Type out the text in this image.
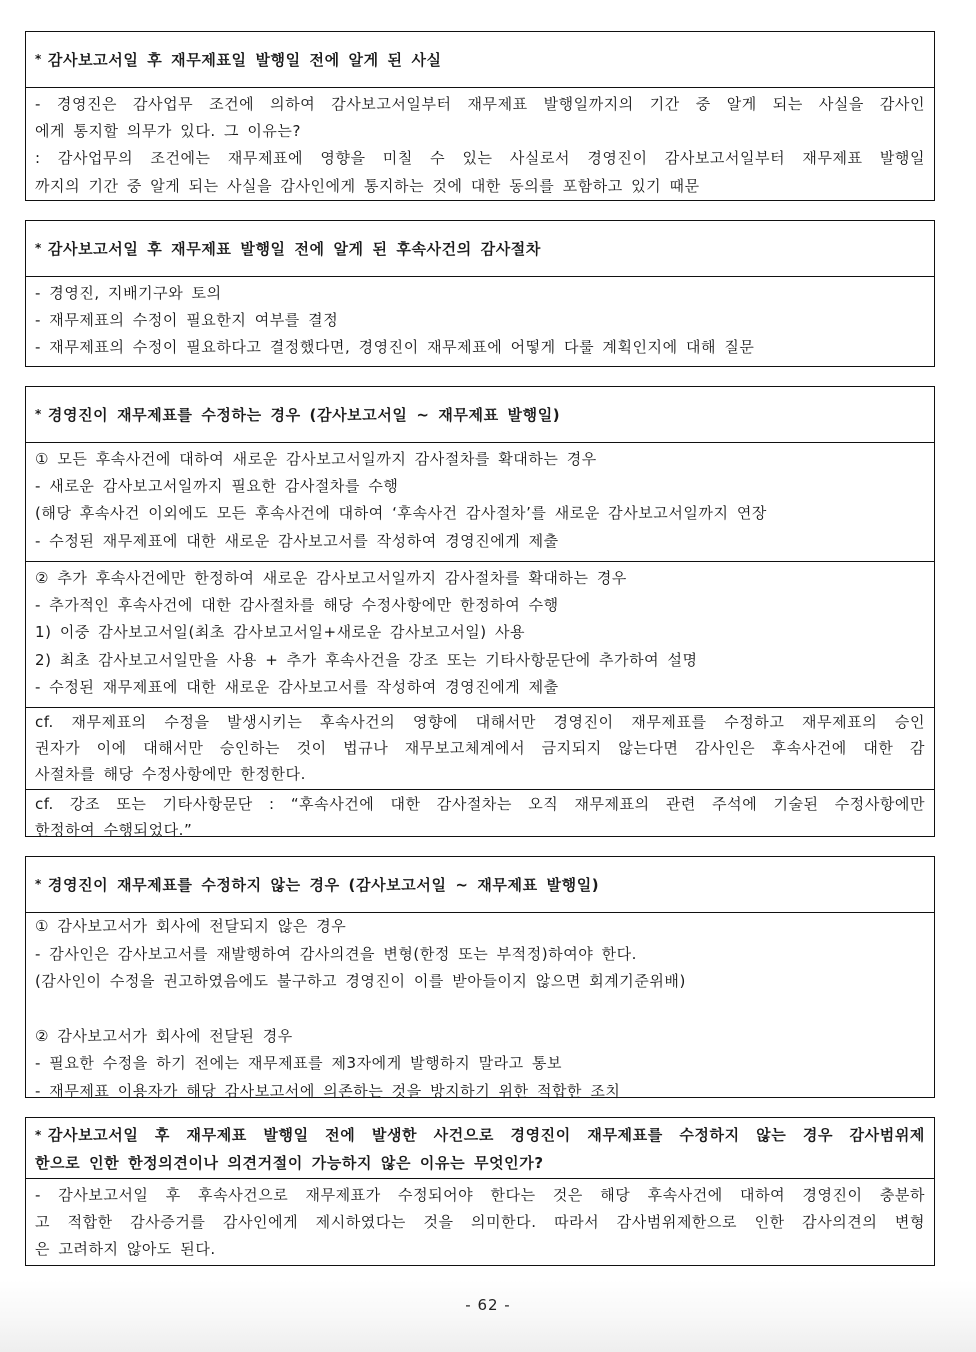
* 감사보고서일 후 재무제표일 발행일 전에 알게 된 사실
- 경영진은 감사업무 조건에 의하여 감사보고서일부터 재무제표 발행일까지의 기간 중 알게 되는 사실을 감사인
에게 통지할 의무가 있다. 그 이유는?
: 감사업무의 조건에는 재무제표에 영향을 미칠 수 있는 사실로서 경영진이 감사보고서일부터 재무제표 발행일
까지의 기간 중 알게 되는 사실을 감사인에게 통지하는 것에 대한 동의를 포함하고 있기 때문
* 감사보고서일 후 재무제표 발행일 전에 알게 된 후속사건의 감사절차
- 경영진, 지배기구와 토의
- 재무제표의 수정이 필요한지 여부를 결정
- 재무제표의 수정이 필요하다고 결정했다면, 경영진이 재무제표에 어떻게 다룰 계획인지에 대해 질문
* 경영진이 재무제표를 수정하는 경우 (감사보고서일 ~ 재무제표 발행일)
① 모든 후속사건에 대하여 새로운 감사보고서일까지 감사절차를 확대하는 경우
- 새로운 감사보고서일까지 필요한 감사절차를 수행
(해당 후속사건 이외에도 모든 후속사건에 대하여 ‘후속사건 감사절차’를 새로운 감사보고서일까지 연장
- 수정된 재무제표에 대한 새로운 감사보고서를 작성하여 경영진에게 제출
② 추가 후속사건에만 한정하여 새로운 감사보고서일까지 감사절차를 확대하는 경우
- 추가적인 후속사건에 대한 감사절차를 해당 수정사항에만 한정하여 수행
1) 이중 감사보고서일(최초 감사보고서일+새로운 감사보고서일) 사용
2) 최초 감사보고서일만을 사용 + 추가 후속사건을 강조 또는 기타사항문단에 추가하여 설명
- 수정된 재무제표에 대한 새로운 감사보고서를 작성하여 경영진에게 제출
cf. 재무제표의 수정을 발생시키는 후속사건의 영향에 대해서만 경영진이 재무제표를 수정하고 재무제표의 승인
권자가 이에 대해서만 승인하는 것이 법규나 재무보고체계에서 금지되지 않는다면 감사인은 후속사건에 대한 감
사절차를 해당 수정사항에만 한정한다.
cf. 강조 또는 기타사항문단 : “후속사건에 대한 감사절차는 오직 재무제표의 관련 주석에 기술된 수정사항에만
한정하여 수행되었다.”
* 경영진이 재무제표를 수정하지 않는 경우 (감사보고서일 ~ 재무제표 발행일)
① 감사보고서가 회사에 전달되지 않은 경우
- 감사인은 감사보고서를 재발행하여 감사의견을 변형(한정 또는 부적정)하여야 한다.
(감사인이 수정을 권고하였음에도 불구하고 경영진이 이를 받아들이지 않으면 회계기준위배)
② 감사보고서가 회사에 전달된 경우
- 필요한 수정을 하기 전에는 재무제표를 제3자에게 발행하지 말라고 통보
- 재무제표 이용자가 해당 감사보고서에 의존하는 것을 방지하기 위한 적합한 조치
* 감사보고서일 후 재무제표 발행일 전에 발생한 사건으로 경영진이 재무제표를 수정하지 않는 경우 감사범위제
한으로 인한 한정의견이나 의견거절이 가능하지 않은 이유는 무엇인가?
- 감사보고서일 후 후속사건으로 재무제표가 수정되어야 한다는 것은 해당 후속사건에 대하여 경영진이 충분하
고 적합한 감사증거를 감사인에게 제시하였다는 것을 의미한다. 따라서 감사범위제한으로 인한 감사의견의 변형
은 고려하지 않아도 된다.
- 62 -
